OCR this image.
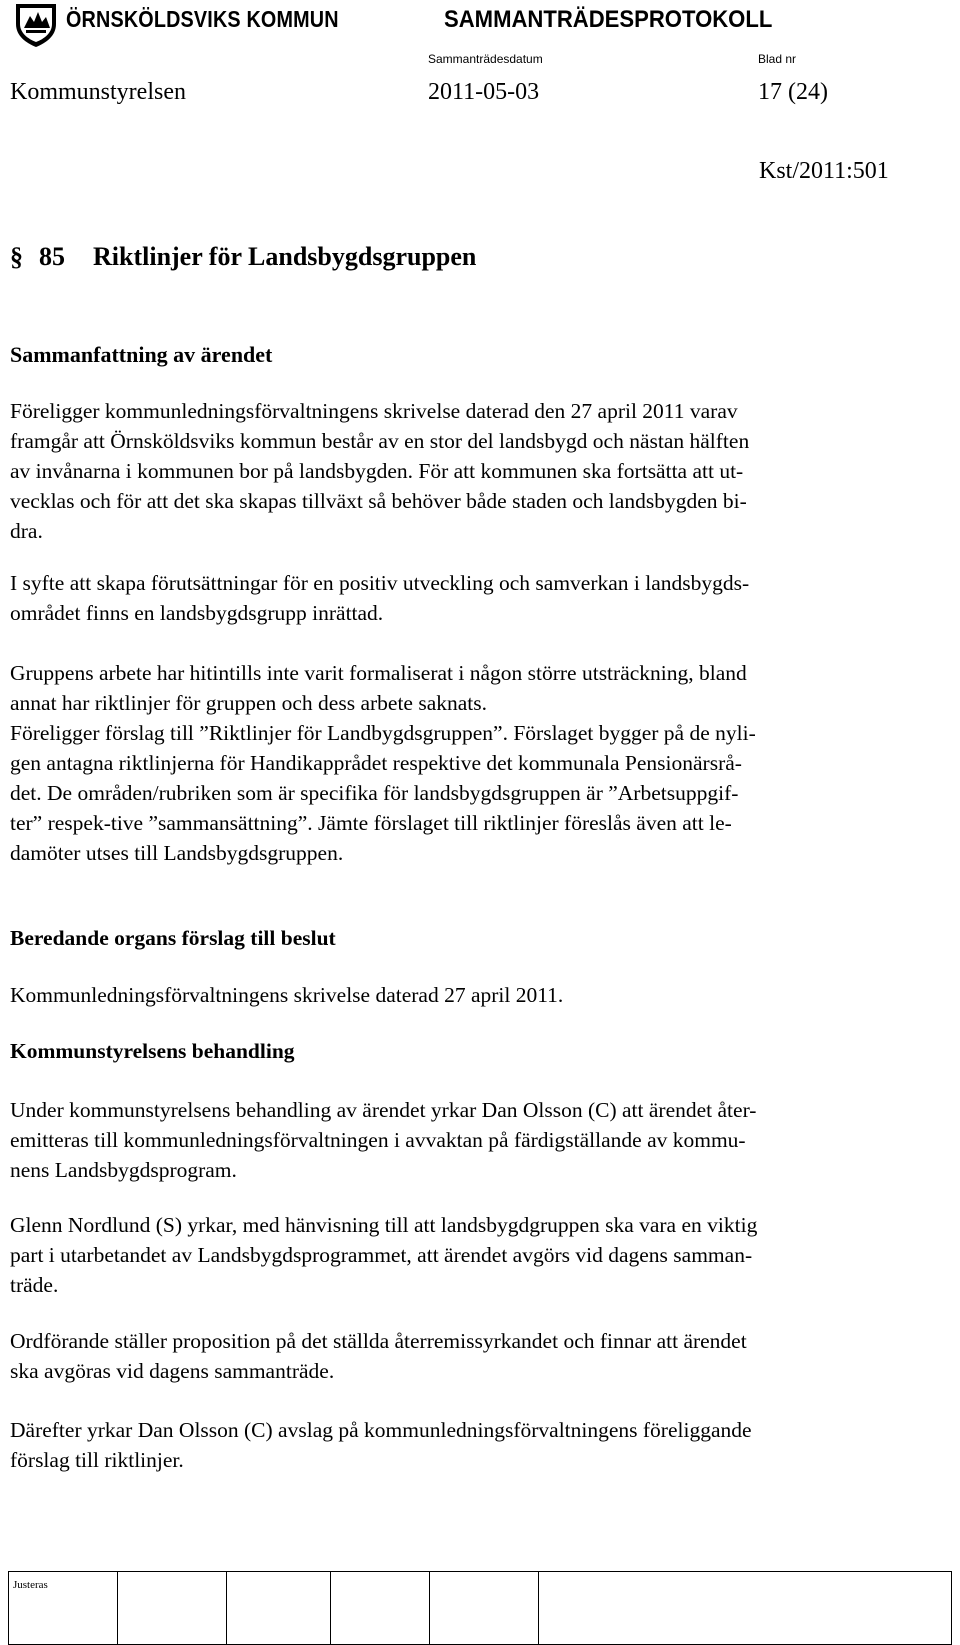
ÖRNSKÖLDSVIKS KOMMUN	SAMMANTRÄDESPROTOKOLL
Sammanträdesdatum	Blad nr
Kommunstyrelsen	2011-05-03	17 (24)
Kst/2011:501
§ 85 Riktlinjer för Landsbygdsgruppen
Sammanfattning av ärendet
Föreligger kommunledningsförvaltningens skrivelse daterad den 27 april 2011 varav
framgår att Örnsköldsviks kommun består av en stor del landsbygd och nästan hälften
av invånarna i kommunen bor på landsbygden. För att kommunen ska fortsätta att ut-
vecklas och för att det ska skapas tillväxt så behöver både staden och landsbygden bi-
dra.
I syfte att skapa förutsättningar för en positiv utveckling och samverkan i landsbygds-
området finns en landsbygdsgrupp inrättad.
Gruppens arbete har hitintills inte varit formaliserat i någon större utsträckning, bland
annat har riktlinjer för gruppen och dess arbete saknats.
Föreligger förslag till ”Riktlinjer för Landbygdsgruppen”. Förslaget bygger på de nyli-
gen antagna riktlinjerna för Handikapprådet respektive det kommunala Pensionärsrå-
det. De områden/rubriken som är specifika för landsbygdsgruppen är ”Arbetsuppgif-
ter” respek-tive ”sammansättning”. Jämte förslaget till riktlinjer föreslås även att le-
damöter utses till Landsbygdsgruppen.
Beredande organs förslag till beslut
Kommunledningsförvaltningens skrivelse daterad 27 april 2011.
Kommunstyrelsens behandling
Under kommunstyrelsens behandling av ärendet yrkar Dan Olsson (C) att ärendet åter-
emitteras till kommunledningsförvaltningen i avvaktan på färdigställande av kommu-
nens Landsbygdsprogram.
Glenn Nordlund (S) yrkar, med hänvisning till att landsbygdgruppen ska vara en viktig
part i utarbetandet av Landsbygdsprogrammet, att ärendet avgörs vid dagens samman-
träde.
Ordförande ställer proposition på det ställda återremissyrkandet och finnar att ärendet
ska avgöras vid dagens sammanträde.
Därefter yrkar Dan Olsson (C) avslag på kommunledningsförvaltningens föreliggande
förslag till riktlinjer.
Justeras					
